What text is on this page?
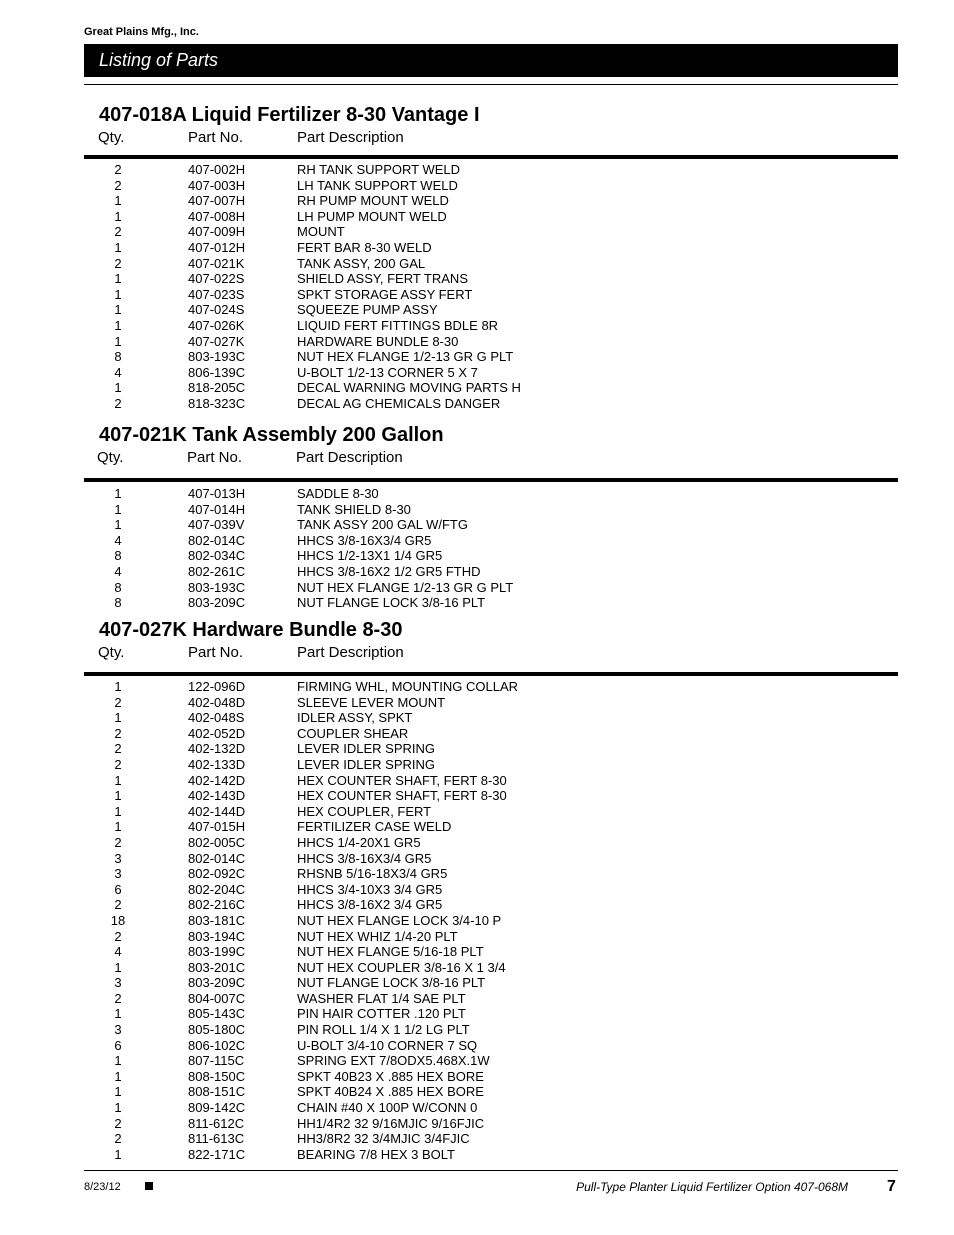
Great Plains Mfg., Inc.
Listing of Parts
407-018A Liquid Fertilizer 8-30 Vantage I
Qty.	Part No.	Part Description
2	407-002H	RH TANK SUPPORT WELD
2	407-003H	LH TANK SUPPORT WELD
1	407-007H	RH PUMP MOUNT WELD
1	407-008H	LH PUMP MOUNT WELD
2	407-009H	MOUNT
1	407-012H	FERT BAR 8-30 WELD
2	407-021K	TANK ASSY, 200 GAL
1	407-022S	SHIELD ASSY, FERT TRANS
1	407-023S	SPKT STORAGE ASSY FERT
1	407-024S	SQUEEZE PUMP ASSY
1	407-026K	LIQUID FERT FITTINGS BDLE 8R
1	407-027K	HARDWARE BUNDLE 8-30
8	803-193C	NUT HEX FLANGE 1/2-13 GR G PLT
4	806-139C	U-BOLT 1/2-13 CORNER 5 X 7
1	818-205C	DECAL WARNING MOVING PARTS H
2	818-323C	DECAL AG CHEMICALS DANGER
407-021K Tank Assembly 200 Gallon
Qty.	Part No.	Part Description
1	407-013H	SADDLE 8-30
1	407-014H	TANK SHIELD 8-30
1	407-039V	TANK ASSY 200 GAL W/FTG
4	802-014C	HHCS 3/8-16X3/4 GR5
8	802-034C	HHCS 1/2-13X1 1/4 GR5
4	802-261C	HHCS 3/8-16X2 1/2 GR5 FTHD
8	803-193C	NUT HEX FLANGE 1/2-13 GR G PLT
8	803-209C	NUT FLANGE LOCK 3/8-16 PLT
407-027K Hardware Bundle 8-30
Qty.	Part No.	Part Description
1	122-096D	FIRMING WHL, MOUNTING COLLAR
2	402-048D	SLEEVE LEVER MOUNT
1	402-048S	IDLER ASSY, SPKT
2	402-052D	COUPLER SHEAR
2	402-132D	LEVER IDLER SPRING
2	402-133D	LEVER IDLER SPRING
1	402-142D	HEX COUNTER SHAFT, FERT 8-30
1	402-143D	HEX COUNTER SHAFT, FERT 8-30
1	402-144D	HEX COUPLER, FERT
1	407-015H	FERTILIZER CASE WELD
2	802-005C	HHCS 1/4-20X1 GR5
3	802-014C	HHCS 3/8-16X3/4 GR5
3	802-092C	RHSNB 5/16-18X3/4 GR5
6	802-204C	HHCS 3/4-10X3 3/4 GR5
2	802-216C	HHCS 3/8-16X2 3/4 GR5
18	803-181C	NUT HEX FLANGE LOCK 3/4-10 P
2	803-194C	NUT HEX WHIZ 1/4-20 PLT
4	803-199C	NUT HEX FLANGE 5/16-18 PLT
1	803-201C	NUT HEX COUPLER 3/8-16 X 1 3/4
3	803-209C	NUT FLANGE LOCK 3/8-16 PLT
2	804-007C	WASHER FLAT 1/4 SAE PLT
1	805-143C	PIN HAIR COTTER .120 PLT
3	805-180C	PIN ROLL 1/4 X 1 1/2 LG PLT
6	806-102C	U-BOLT 3/4-10 CORNER 7 SQ
1	807-115C	SPRING EXT 7/8ODX5.468X.1W
1	808-150C	SPKT 40B23 X .885 HEX BORE
1	808-151C	SPKT 40B24 X .885 HEX BORE
1	809-142C	CHAIN #40 X 100P W/CONN 0
2	811-612C	HH1/4R2 32 9/16MJIC 9/16FJIC
2	811-613C	HH3/8R2 32 3/4MJIC 3/4FJIC
1	822-171C	BEARING 7/8 HEX 3 BOLT
8/23/12	Pull-Type Planter Liquid Fertilizer Option 407-068M 7
